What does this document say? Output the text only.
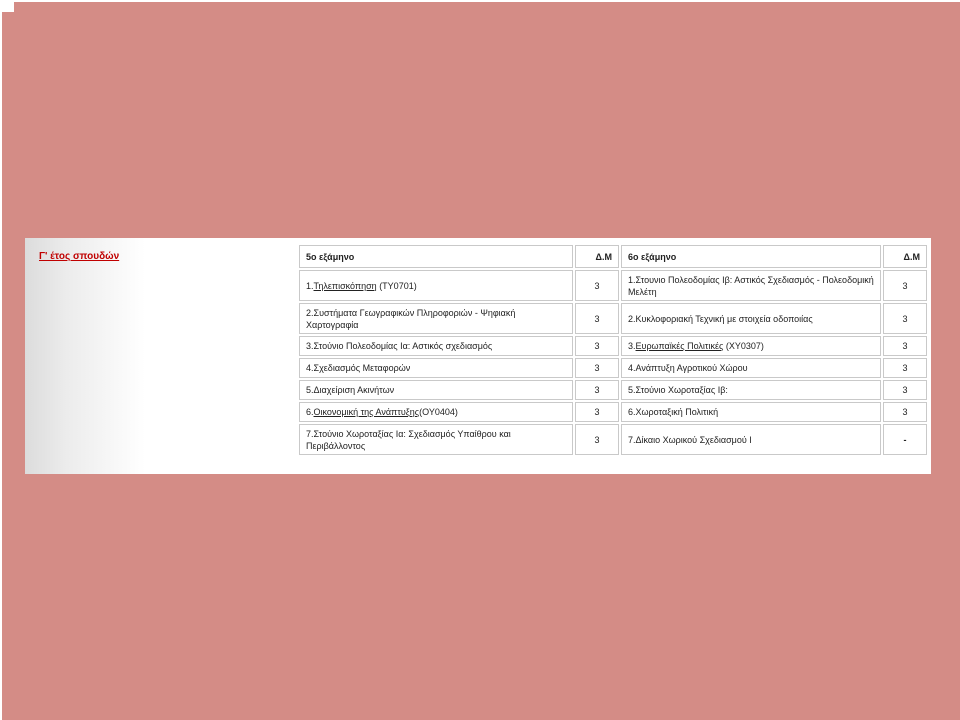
Γ' έτος σπουδών	5ο εξάμηνο	Δ.Μ	6ο εξάμηνο	Δ.Μ
1.Τηλεπισκόπηση (ΤΥ0701)	3	1.Στουνιο Πολεοδομίας Ιβ: Αστικός Σχεδιασμός - Πολεοδομική Μελέτη	3
2.Συστήματα Γεωγραφικών Πληροφοριών - Ψηφιακή Χαρτογραφία	3	2.Κυκλοφοριακή Τεχνική με στοιχεία οδοποιίας	3
3.Στούνιο Πολεοδομίας Ια: Αστικός σχεδιασμός	3	3.Ευρωπαϊκές Πολιτικές (ΧΥ0307)	3
4.Σχεδιασμός Μεταφορών	3	4.Ανάπτυξη Αγροτικού Χώρου	3
5.Διαχείριση Ακινήτων	3	5.Στούνιο Χωροταξίας Ιβ:	3
6.Οικονομική της Ανάπτυξης(ΟΥ0404)	3	6.Χωροταξική Πολιτική	3
7.Στούνιο Χωροταξίας Ια: Σχεδιασμός Υπαίθρου και Περιβάλλοντος	3	7.Δίκαιο Χωρικού Σχεδιασμού Ι	-
